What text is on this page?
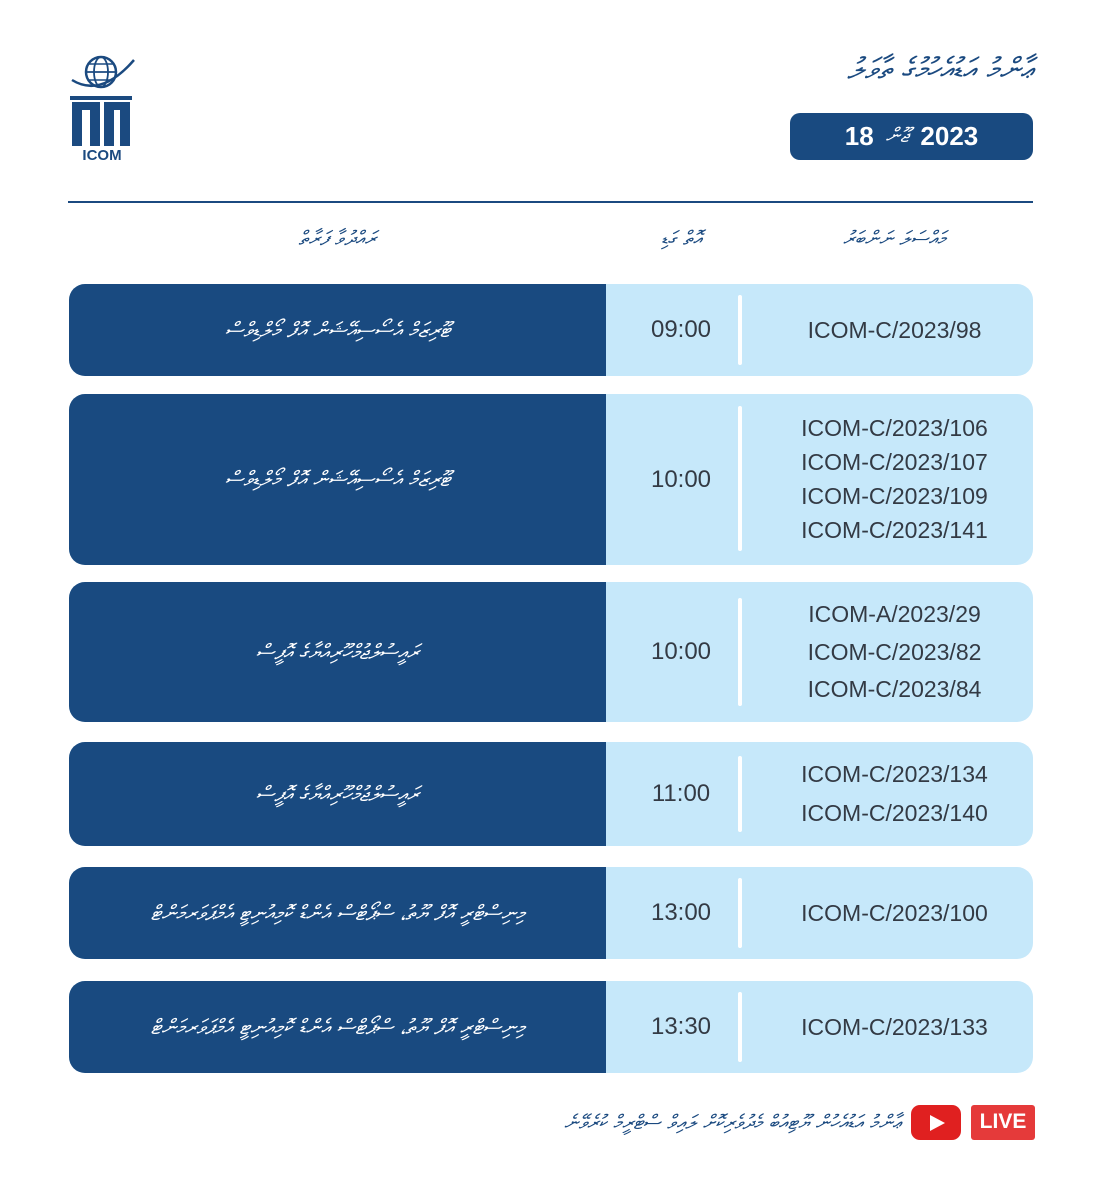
ICOM
ޢާންމު އަޑުއެހުމުގެ ތާވަލު
18 ޖޫން 2023
ރައްދުވާ ފަރާތް	އޮތް ގަޑި	މައްސަލަ ނަންބަރު
ޓޫރިޒަމް އެސޯސިއޭޝަން އޮފް މޯލްޑިވްސް	09:00	ICOM-C/2023/98
ޓޫރިޒަމް އެސޯސިއޭޝަން އޮފް މޯލްޑިވްސް	10:00
ICOM-C/2023/106
ICOM-C/2023/107
ICOM-C/2023/109
ICOM-C/2023/141
ރައީސުލްޖުމްހޫރިއްޔާގެ އޮފީސް	10:00
ICOM-A/2023/29
ICOM-C/2023/82
ICOM-C/2023/84
ރައީސުލްޖުމްހޫރިއްޔާގެ އޮފީސް	11:00
ICOM-C/2023/134
ICOM-C/2023/140
މިނިސްޓްރީ އޮފް ޔޫތު، ސްޕޯޓްސް އެންޑް ކޮމިއުނިޓީ އެމްޕަވަރމަންޓް	13:00	ICOM-C/2023/100
މިނިސްޓްރީ އޮފް ޔޫތު، ސްޕޯޓްސް އެންޑް ކޮމިއުނިޓީ އެމްޕަވަރމަންޓް	13:30	ICOM-C/2023/133
ޢާންމު އަޑުއެހުން ޔޫޓިއުބް މެދުވެރިކޮށް ލައިވް ސްޓްރީމް ކުރެވޭނެ	LIVE
